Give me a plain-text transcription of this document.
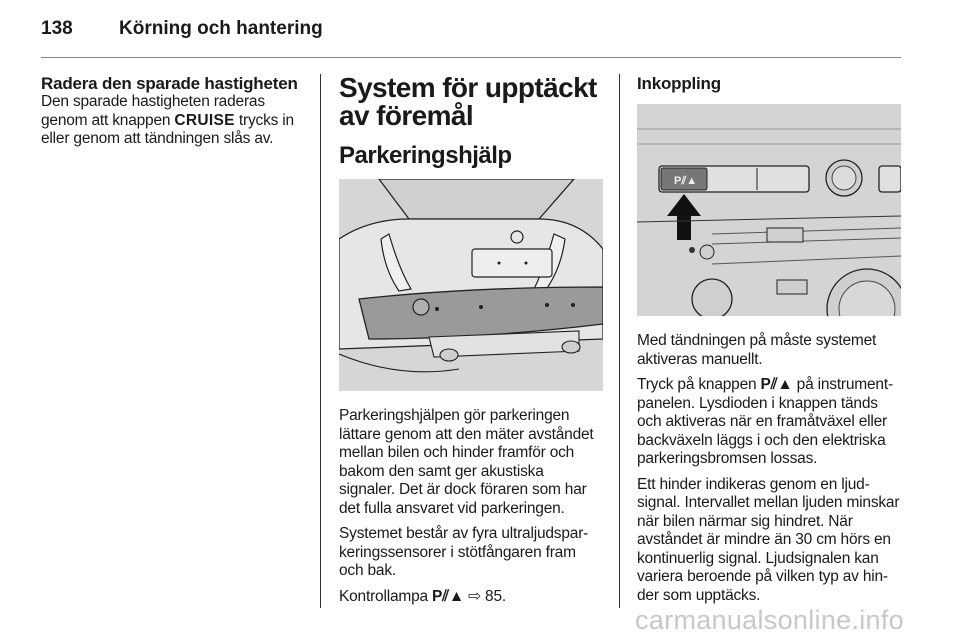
138 Körning och hantering
Radera den sparade hastigheten

Den sparade hastigheten raderas genom att knappen CRUISE trycks in eller genom att tändningen slås av.

System för upptäckt av föremål
Parkeringshjälp

Parkeringshjälpen gör parkeringen lättare genom att den mäter avståndet mellan bilen och hinder framför och bakom den samt ger akustiska signaler. Det är dock föraren som har det fulla ansvaret vid parkeringen.

Systemet består av fyra ultraljudsparkeringssensorer i stötfångaren fram och bak.

Kontrollampa P⫽▲ ⇨ 85.

Inkoppling
P⫽▲

Med tändningen på måste systemet aktiveras manuellt.

Tryck på knappen P⫽▲ på instrumentpanelen. Lysdioden i knappen tänds och aktiveras när en framåtväxel eller backväxeln läggs i och den elektriska parkeringsbromsen lossas.

Ett hinder indikeras genom en ljudsignal. Intervallet mellan ljuden minskar när bilen närmar sig hindret. När avståndet är mindre än 30 cm hörs en kontinuerlig signal. Ljudsignalen kan variera beroende på vilken typ av hinder som upptäcks.

carmanualsonline.info
